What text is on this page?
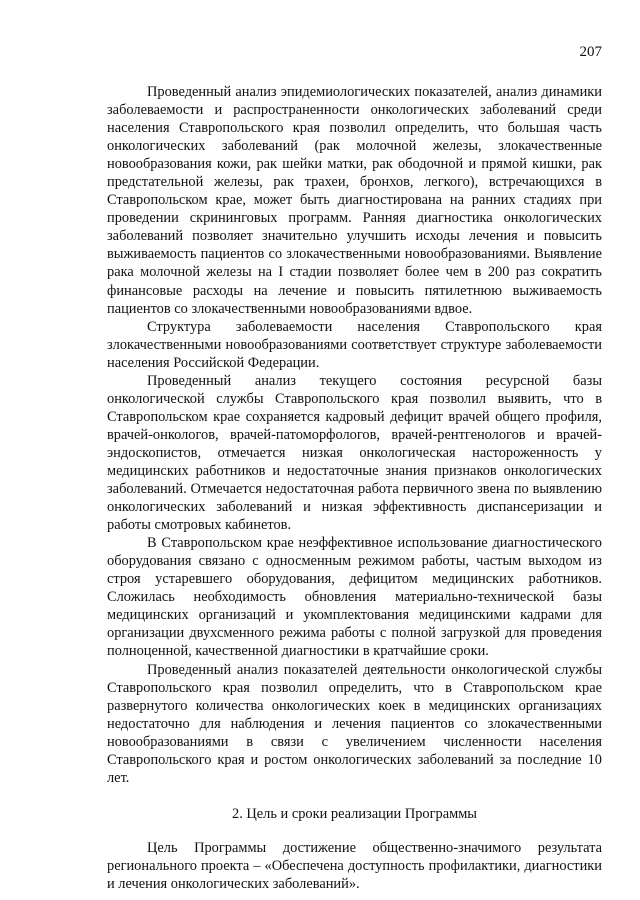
207

Проведенный анализ эпидемиологических показателей, анализ динамики заболеваемости и распространенности онкологических заболеваний среди населения Ставропольского края позволил определить, что большая часть онкологических заболеваний (рак молочной железы, злокачественные новообразования кожи, рак шейки матки, рак ободочной и прямой кишки, рак предстательной железы, рак трахеи, бронхов, легкого), встречающихся в Ставропольском крае, может быть диагностирована на ранних стадиях при проведении скрининговых программ. Ранняя диагностика онкологических заболеваний позволяет значительно улучшить исходы лечения и повысить выживаемость пациентов со злокачественными новообразованиями. Выявление рака молочной железы на I стадии позволяет более чем в 200 раз сократить финансовые расходы на лечение и повысить пятилетнюю выживаемость пациентов со злокачественными новообразованиями вдвое.

Структура заболеваемости населения Ставропольского края злокачественными новообразованиями соответствует структуре заболеваемости населения Российской Федерации.

Проведенный анализ текущего состояния ресурсной базы онкологической службы Ставропольского края позволил выявить, что в Ставропольском крае сохраняется кадровый дефицит врачей общего профиля, врачей-онкологов, врачей-патоморфологов, врачей-рентгенологов и врачей-эндоскопистов, отмечается низкая онкологическая настороженность у медицинских работников и недостаточные знания признаков онкологических заболеваний. Отмечается недостаточная работа первичного звена по выявлению онкологических заболеваний и низкая эффективность диспансеризации и работы смотровых кабинетов.

В Ставропольском крае неэффективное использование диагностического оборудования связано с односменным режимом работы, частым выходом из строя устаревшего оборудования, дефицитом медицинских работников. Сложилась необходимость обновления материально-технической базы медицинских организаций и укомплектования медицинскими кадрами для организации двухсменного режима работы с полной загрузкой для проведения полноценной, качественной диагностики в кратчайшие сроки.

Проведенный анализ показателей деятельности онкологической службы Ставропольского края позволил определить, что в Ставропольском крае развернутого количества онкологических коек в медицинских организациях недостаточно для наблюдения и лечения пациентов со злокачественными новообразованиями в связи с увеличением численности населения Ставропольского края и ростом онкологических заболеваний за последние 10 лет.

2. Цель и сроки реализации Программы

Цель Программы достижение общественно-значимого результата регионального проекта – «Обеспечена доступность профилактики, диагностики и лечения онкологических заболеваний».
